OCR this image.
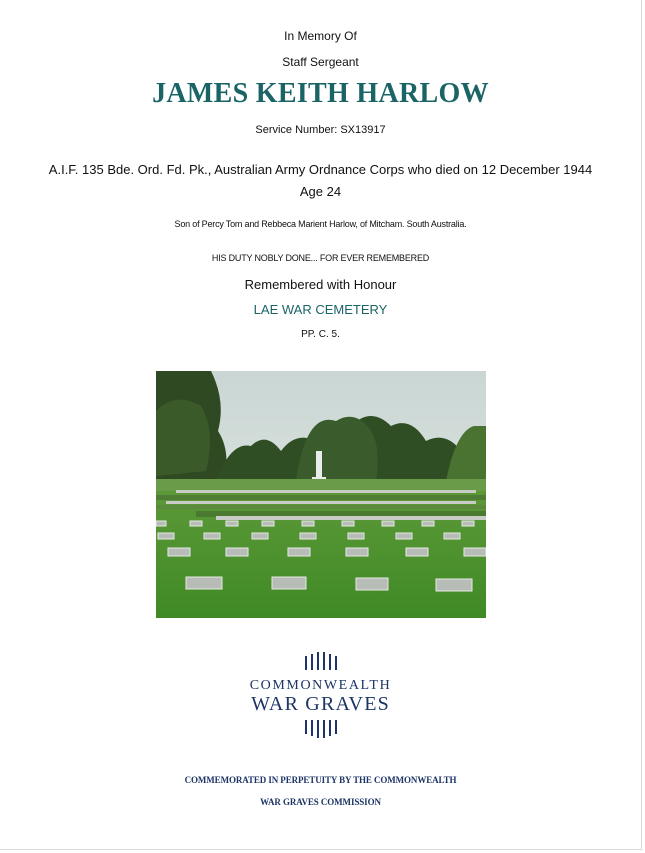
In Memory Of
Staff Sergeant
JAMES KEITH HARLOW
Service Number: SX13917
A.I.F. 135 Bde. Ord. Fd. Pk., Australian Army Ordnance Corps who died on 12 December 1944
Age 24
Son of Percy Tom and Rebbeca Marient Harlow, of Mitcham. South Australia.
HIS DUTY NOBLY DONE... FOR EVER REMEMBERED
Remembered with Honour
LAE WAR CEMETERY
PP. C. 5.
COMMONWEALTH
WAR GRAVES
COMMEMORATED IN PERPETUITY BY THE COMMONWEALTH
WAR GRAVES COMMISSION
